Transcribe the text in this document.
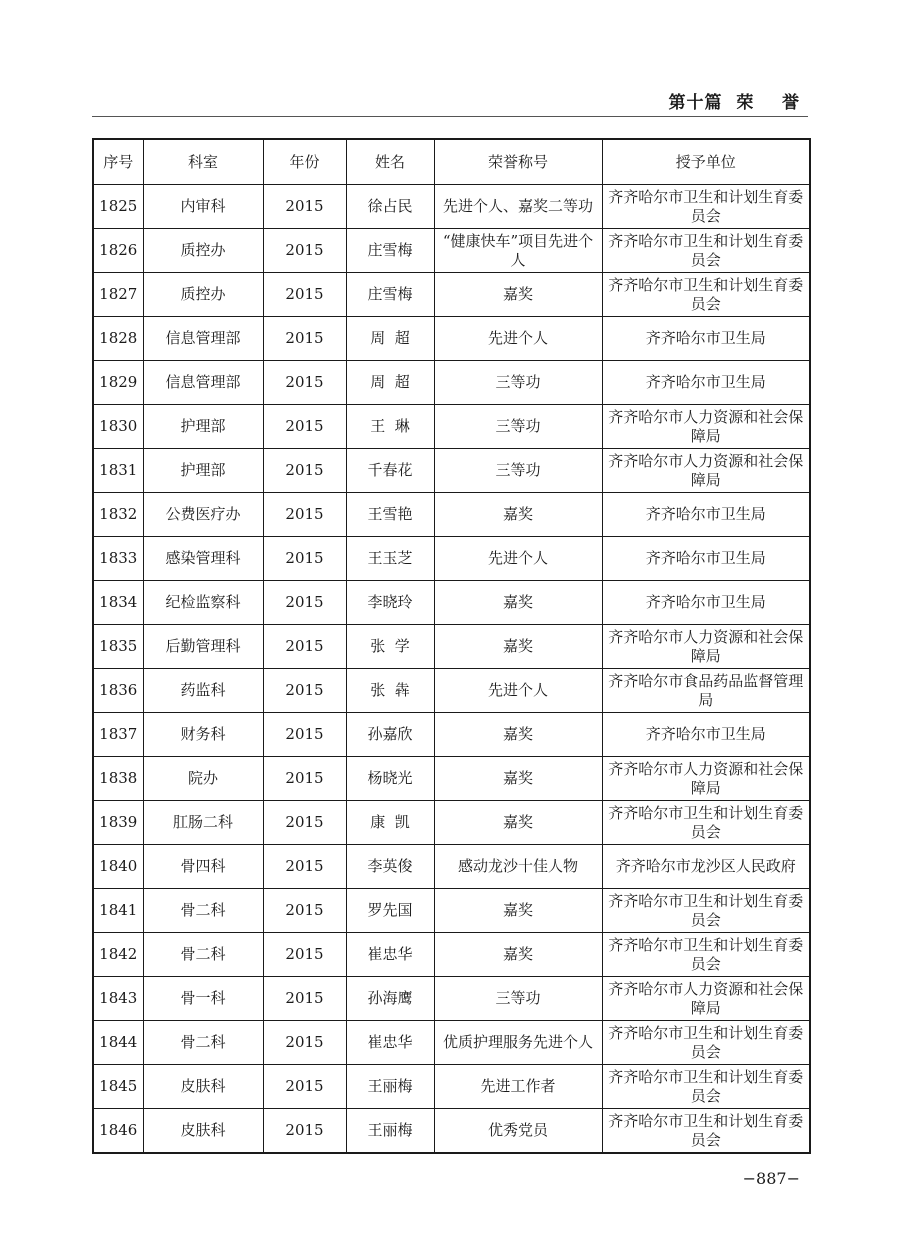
第十篇  荣    誉
序号	科室	年份	姓名	荣誉称号	授予单位
1825	内审科	2015	徐占民	先进个人、嘉奖二等功	齐齐哈尔市卫生和计划生育委员会
1826	质控办	2015	庄雪梅	“健康快车”项目先进个人	齐齐哈尔市卫生和计划生育委员会
1827	质控办	2015	庄雪梅	嘉奖	齐齐哈尔市卫生和计划生育委员会
1828	信息管理部	2015	周  超	先进个人	齐齐哈尔市卫生局
1829	信息管理部	2015	周  超	三等功	齐齐哈尔市卫生局
1830	护理部	2015	王  琳	三等功	齐齐哈尔市人力资源和社会保障局
1831	护理部	2015	千春花	三等功	齐齐哈尔市人力资源和社会保障局
1832	公费医疗办	2015	王雪艳	嘉奖	齐齐哈尔市卫生局
1833	感染管理科	2015	王玉芝	先进个人	齐齐哈尔市卫生局
1834	纪检监察科	2015	李晓玲	嘉奖	齐齐哈尔市卫生局
1835	后勤管理科	2015	张  学	嘉奖	齐齐哈尔市人力资源和社会保障局
1836	药监科	2015	张  犇	先进个人	齐齐哈尔市食品药品监督管理局
1837	财务科	2015	孙嘉欣	嘉奖	齐齐哈尔市卫生局
1838	院办	2015	杨晓光	嘉奖	齐齐哈尔市人力资源和社会保障局
1839	肛肠二科	2015	康  凯	嘉奖	齐齐哈尔市卫生和计划生育委员会
1840	骨四科	2015	李英俊	感动龙沙十佳人物	齐齐哈尔市龙沙区人民政府
1841	骨二科	2015	罗先国	嘉奖	齐齐哈尔市卫生和计划生育委员会
1842	骨二科	2015	崔忠华	嘉奖	齐齐哈尔市卫生和计划生育委员会
1843	骨一科	2015	孙海鹰	三等功	齐齐哈尔市人力资源和社会保障局
1844	骨二科	2015	崔忠华	优质护理服务先进个人	齐齐哈尔市卫生和计划生育委员会
1845	皮肤科	2015	王丽梅	先进工作者	齐齐哈尔市卫生和计划生育委员会
1846	皮肤科	2015	王丽梅	优秀党员	齐齐哈尔市卫生和计划生育委员会
−887−
